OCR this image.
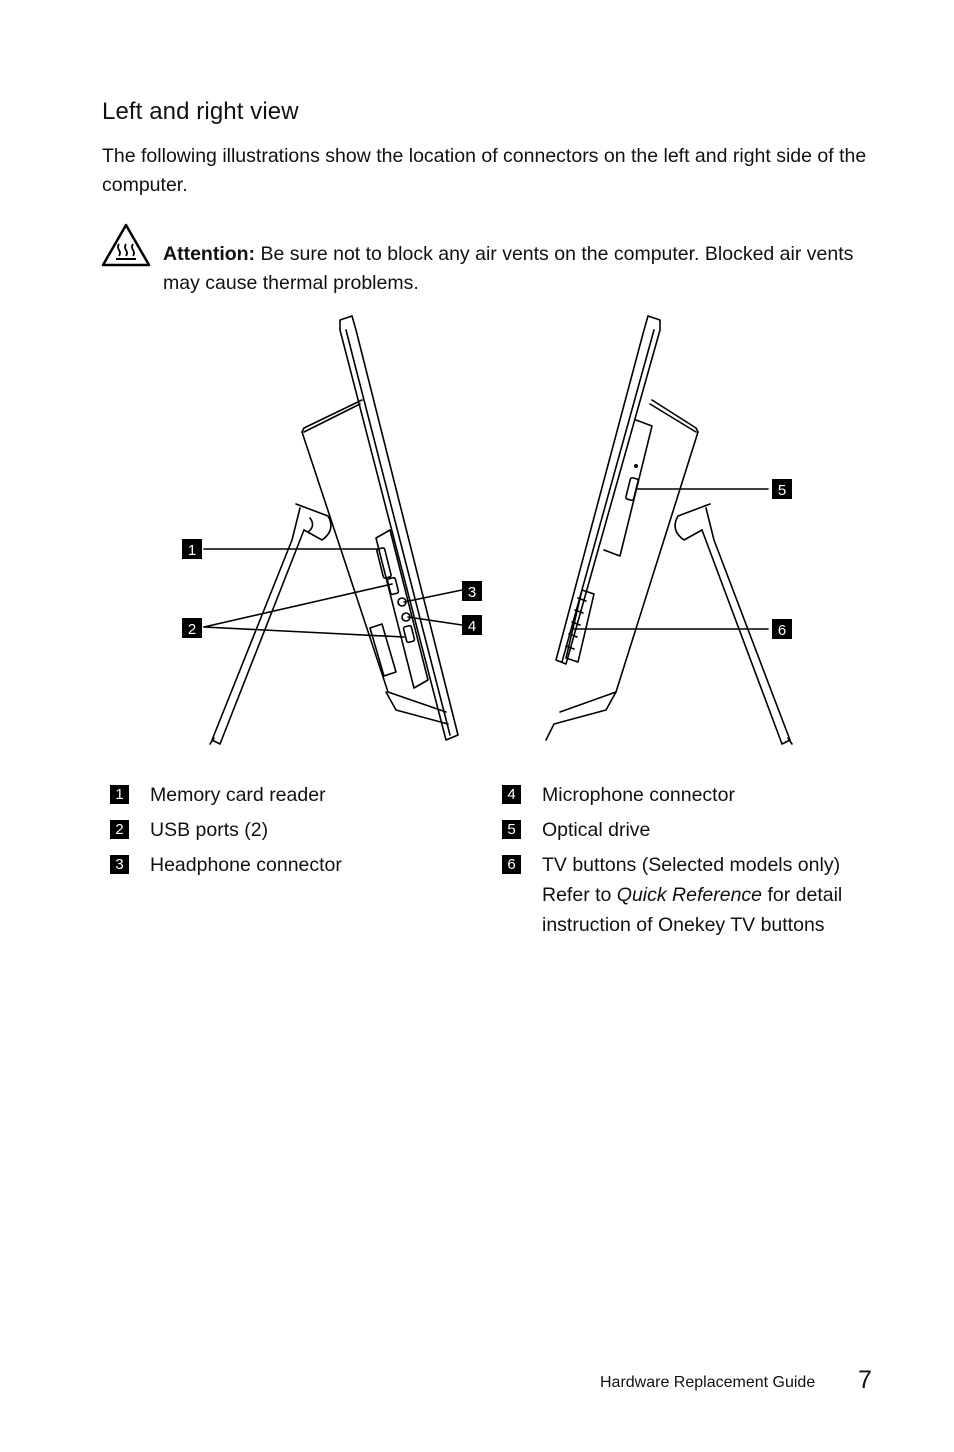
Left and right view
The following illustrations show the location of connectors on the left and right side of the computer.
Attention: Be sure not to block any air vents on the computer. Blocked air vents may cause thermal problems.
1
2
3
4
5
6
1 Memory card reader
2 USB ports (2)
3 Headphone connector
4 Microphone connector
5 Optical drive
6 TV buttons (Selected models only)
Refer to Quick Reference for detail instruction of Onekey TV buttons
Hardware Replacement Guide 7
